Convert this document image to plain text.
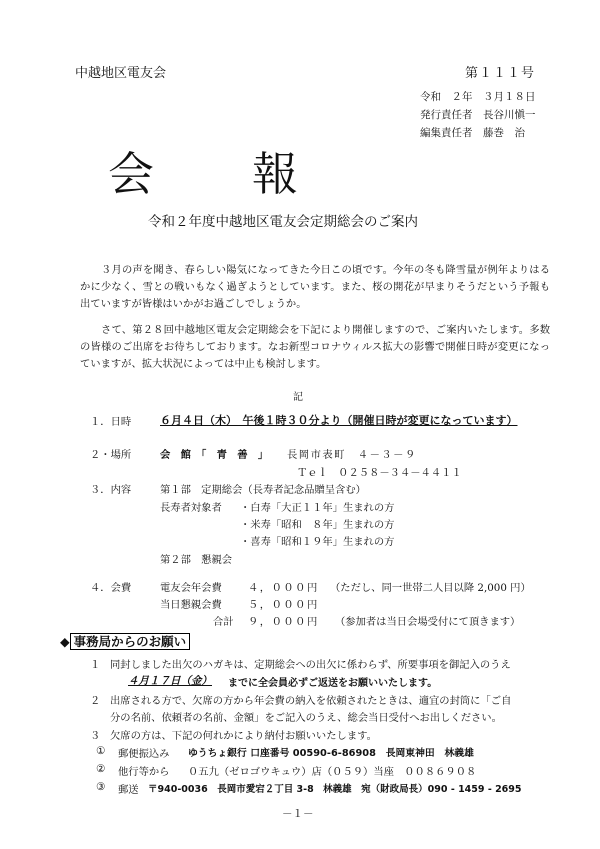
中越地区電友会	第１１１号
令和　２年　３月１８日
発行責任者　長谷川愼一
編集責任者　藤巻　治
会　報
令和２年度中越地区電友会定期総会のご案内
３月の声を聞き、春らしい陽気になってきた今日この頃です。今年の冬も降雪量が例年よりはるかに少なく、雪との戦いもなく過ぎようとしています。また、桜の開花が早まりそうだという予報も出ていますが皆様はいかがお過ごしでしょうか。
さて、第２８回中越地区電友会定期総会を下記により開催しますので、ご案内いたします。多数の皆様のご出席をお待ちしております。なお新型コロナウィルス拡大の影響で開催日時が変更になっていますが、拡大状況によっては中止も検討します。
記
１．日時	６月４日（木）　午後１時３０分より（開催日時が変更になっています）
２・場所	会　館　「　青　善　」 長岡市表町　４－３－９
Ｔｅｌ　０２５８－３４－４４１１
３．内容	第１部　定期総会（長寿者記念品贈呈含む）
長寿者対象者 ・白寿「大正１１年」生まれの方
・米寿「昭和　８年」生まれの方
・喜寿「昭和１９年」生まれの方
第２部　懇親会
４．会費	電友会年会費	４，０００円 （ただし、同一世帯二人目以降 2,000 円）
当日懇親会費	５，０００円
合計 ９，０００円 （参加者は当日会場受付にて頂きます）
◆ 事務局からのお願い
１ 同封しました出欠のハガキは、定期総会への出欠に係わらず、所要事項を御記入のうえ
４月１７日（金） までに全会員必ずご返送をお願いいたします。
２ 出席される方で、欠席の方から年会費の納入を依頼されたときは、適宜の封筒に「ご自
分の名前、依頼者の名前、金額」をご記入のうえ、総会当日受付へお出しください。
３ 欠席の方は、下記の何れかにより納付お願いいたします。
① 郵便振込み ゆうちょ銀行 口座番号 00590-6-86908　長岡東神田　林義雄
② 他行等から ０五九（ゼロゴウキュウ）店（０５９）当座　００８６９０８
③ 郵送 〒940-0036　長岡市愛宕２丁目 3-8　林義雄　宛（財政局長）090 - 1459 - 2695
－１－
